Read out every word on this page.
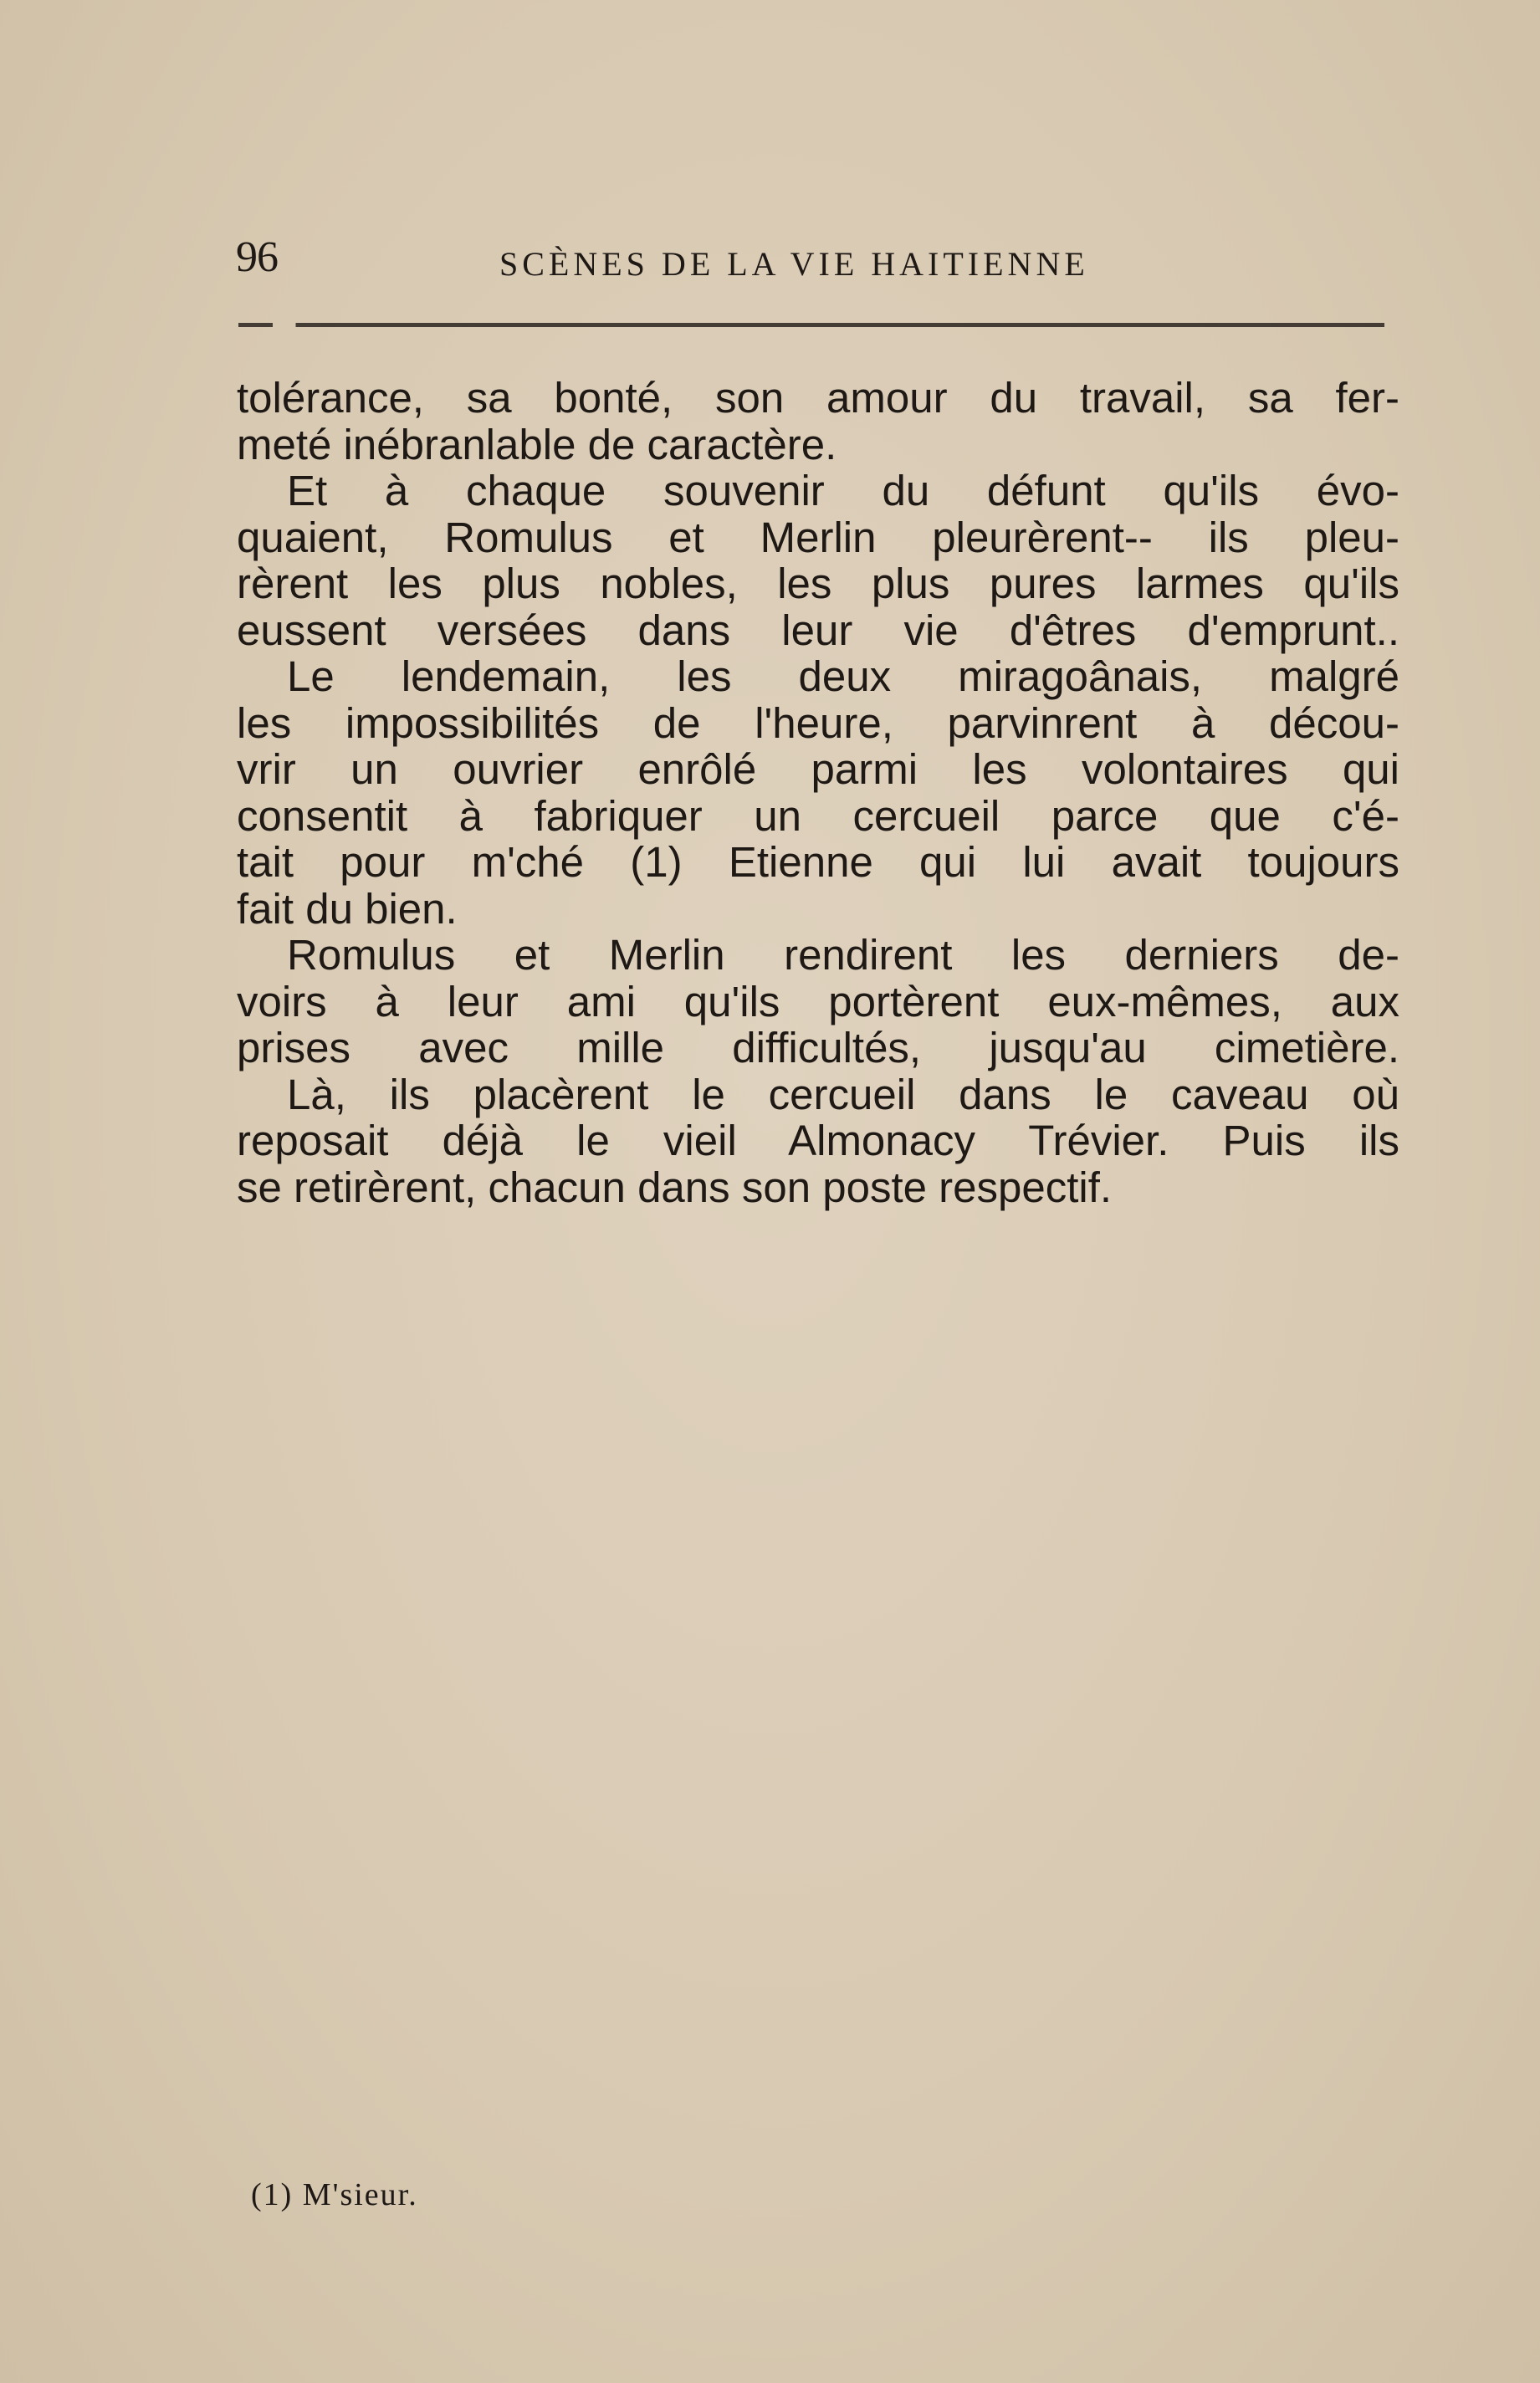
96	SCÈNES DE LA VIE HAITIENNE
tolérance, sa bonté, son amour du travail, sa fer-
meté inébranlable de caractère.
Et à chaque souvenir du défunt qu'ils évo-
quaient, Romulus et Merlin pleurèrent-- ils pleu-
rèrent les plus nobles, les plus pures larmes qu'ils
eussent versées dans leur vie d'êtres d'emprunt..
Le lendemain, les deux miragoânais, malgré
les impossibilités de l'heure, parvinrent à décou-
vrir un ouvrier enrôlé parmi les volontaires qui
consentit à fabriquer un cercueil parce que c'é-
tait pour m'ché (1) Etienne qui lui avait toujours
fait du bien.
Romulus et Merlin rendirent les derniers de-
voirs à leur ami qu'ils portèrent eux-mêmes, aux
prises avec mille difficultés, jusqu'au cimetière.
Là, ils placèrent le cercueil dans le caveau où
reposait déjà le vieil Almonacy Trévier. Puis ils
se retirèrent, chacun dans son poste respectif.
(1) M'sieur.
